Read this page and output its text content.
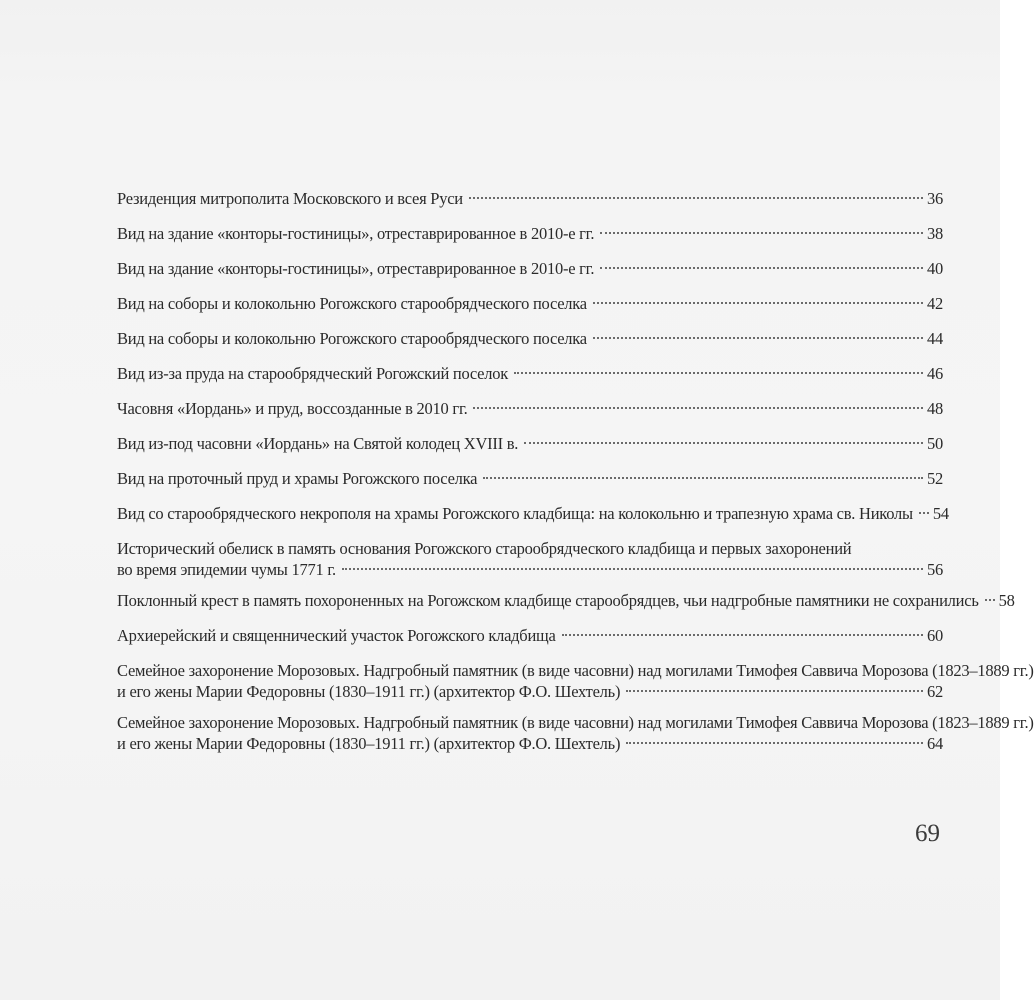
Резиденция митрополита Московского и всея Руси	36
Вид на здание «конторы-гостиницы», отреставрированное в 2010-е гг.	38
Вид на здание «конторы-гостиницы», отреставрированное в 2010-е гг.	40
Вид на соборы и колокольню Рогожского старообрядческого поселка	42
Вид на соборы и колокольню Рогожского старообрядческого поселка	44
Вид из-за пруда на старообрядческий Рогожский поселок	46
Часовня «Иордань» и пруд, воссозданные в 2010 гг.	48
Вид из-под часовни «Иордань» на Святой колодец XVIII в.	50
Вид на проточный пруд и храмы Рогожского поселка	52
Вид со старообрядческого некрополя на храмы Рогожского кладбища: на колокольню и трапезную храма св. Николы 54
Исторический обелиск в память основания Рогожского старообрядческого кладбища и первых захоронений
во время эпидемии чумы 1771 г.	56
Поклонный крест в память похороненных на Рогожском кладбище старообрядцев, чьи надгробные памятники не сохранились 58
Архиерейский и священнический участок Рогожского кладбища	60
Семейное захоронение Морозовых. Надгробный памятник (в виде часовни) над могилами Тимофея Саввича Морозова (1823–1889 гг.)
и его жены Марии Федоровны (1830–1911 гг.) (архитектор Ф.О. Шехтель)	62
Семейное захоронение Морозовых. Надгробный памятник (в виде часовни) над могилами Тимофея Саввича Морозова (1823–1889 гг.)
и его жены Марии Федоровны (1830–1911 гг.) (архитектор Ф.О. Шехтель)	64
69
